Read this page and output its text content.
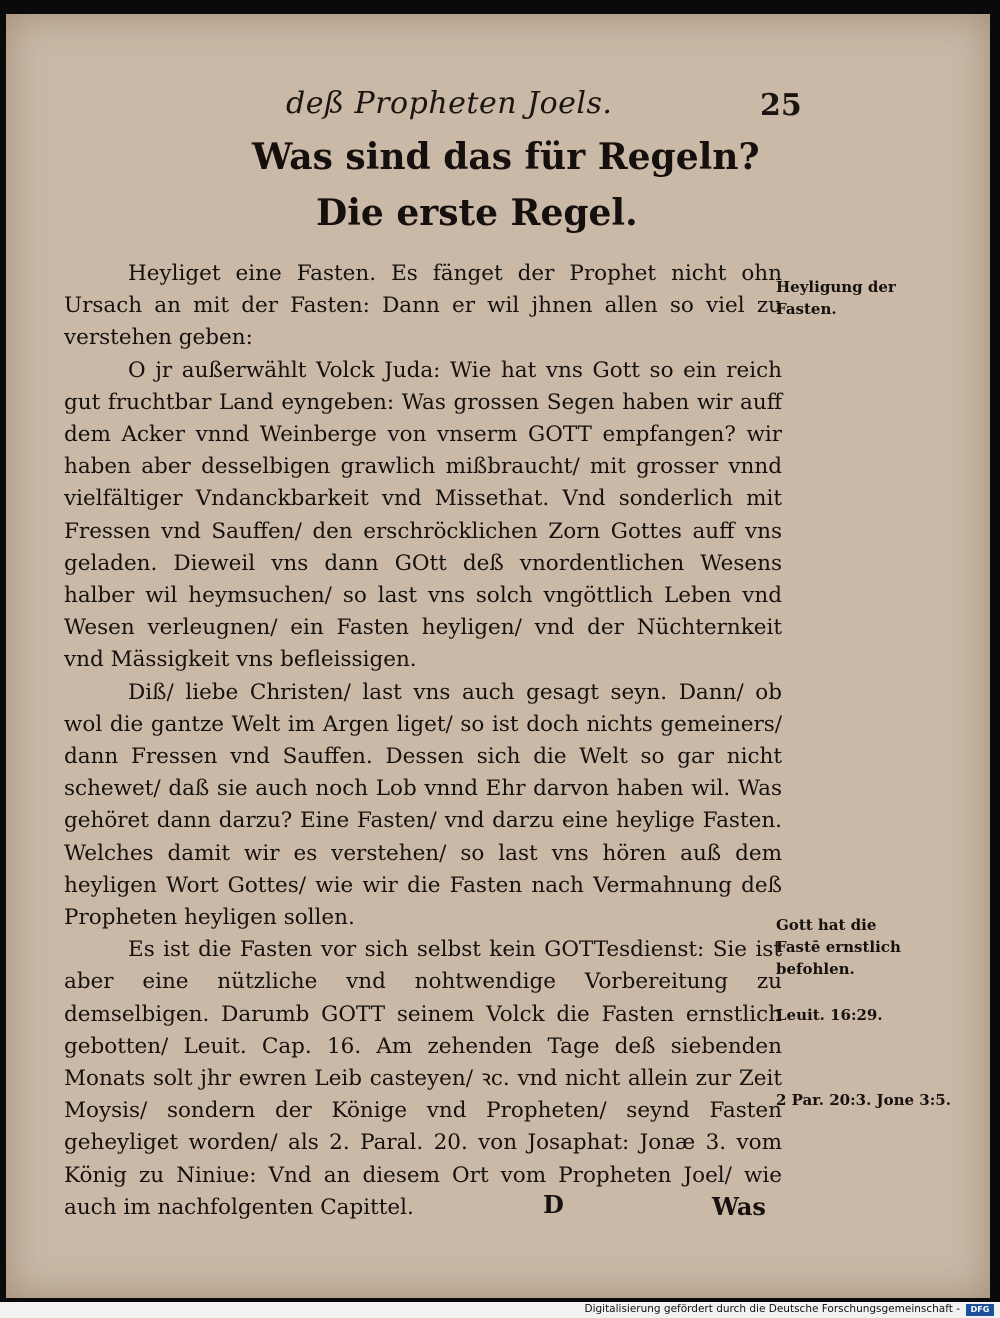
deß Propheten Joels.	25
Was sind das für Regeln?
Die erste Regel.

Heyliget eine Fasten. Es fänget der Prophet nicht ohn Ursach an mit der Fasten: Dann er wil jhnen allen so viel zu verstehen geben:

O jr außerwählt Volck Juda: Wie hat vns Gott so ein reich gut fruchtbar Land eyngeben: Was grossen Segen haben wir auff dem Acker vnnd Weinberge von vnserm GOTT empfangen? wir haben aber desselbigen grawlich mißbraucht/ mit grosser vnnd vielfältiger Vndanckbarkeit vnd Missethat. Vnd sonderlich mit Fressen vnd Sauffen/ den erschröcklichen Zorn Gottes auff vns geladen. Dieweil vns dann GOtt deß vnordentlichen Wesens halber wil heymsuchen/ so last vns solch vngöttlich Leben vnd Wesen verleugnen/ ein Fasten heyligen/ vnd der Nüchternkeit vnd Mässigkeit vns befleissigen.

Diß/ liebe Christen/ last vns auch gesagt seyn. Dann/ ob wol die gantze Welt im Argen liget/ so ist doch nichts gemeiners/ dann Fressen vnd Sauffen. Dessen sich die Welt so gar nicht schewet/ daß sie auch noch Lob vnnd Ehr darvon haben wil. Was gehöret dann darzu? Eine Fasten/ vnd darzu eine heylige Fasten. Welches damit wir es verstehen/ so last vns hören auß dem heyligen Wort Gottes/ wie wir die Fasten nach Vermahnung deß Propheten heyligen sollen.

Es ist die Fasten vor sich selbst kein GOTTesdienst: Sie ist aber eine nützliche vnd nohtwendige Vorbereitung zu demselbigen. Darumb GOTT seinem Volck die Fasten ernstlich gebotten/ Leuit. Cap. 16. Am zehenden Tage deß siebenden Monats solt jhr ewren Leib casteyen/ ꝛc. vnd nicht allein zur Zeit Moysis/ sondern der Könige vnd Propheten/ seynd Fasten geheyliget worden/ als 2. Paral. 20. von Josaphat: Jonæ 3. vom König zu Niniue: Vnd an diesem Ort vom Propheten Joel/ wie auch im nachfolgenten Capittel.

Heyligung der Fasten.
Gott hat die Fastē ernstlich befohlen.
Leuit. 16:29.
2 Par. 20:3. Jone 3:5.
D	Was
Digitalisierung gefördert durch die Deutsche Forschungsgemeinschaft -	DFG
